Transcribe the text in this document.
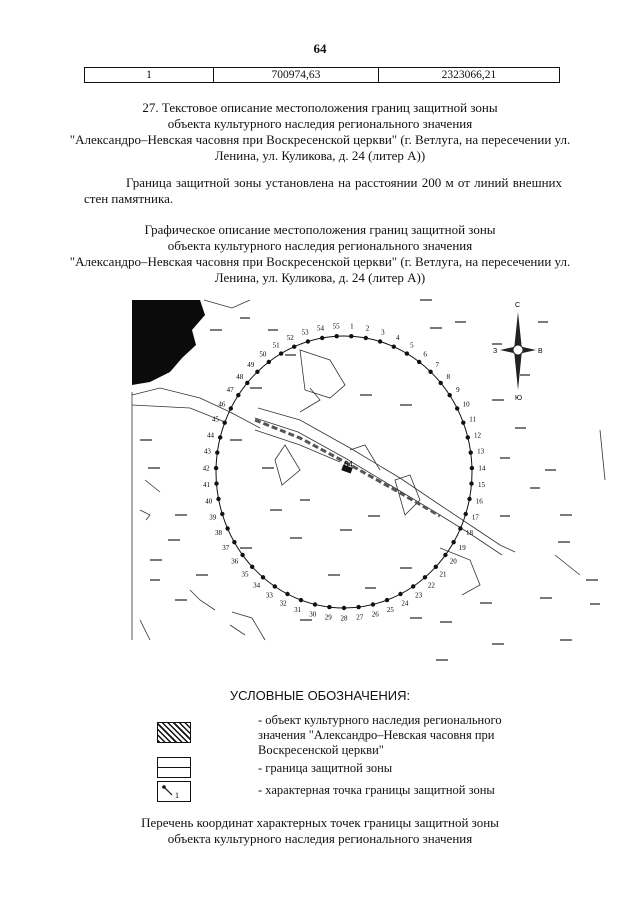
64
1	700974,63	2323066,21
27. Текстовое описание местоположения границ защитной зоны
объекта культурного наследия регионального значения
"Александро–Невская часовня при Воскресенской церкви" (г. Ветлуга, на пересечении ул.
Ленина, ул. Куликова, д. 24 (литер А))
Граница защитной зоны установлена на расстоянии 200 м от линий внешних стен памятника.
Графическое описание местоположения границ защитной зоны
объекта культурного наследия регионального значения
"Александро–Невская часовня при Воскресенской церкви" (г. Ветлуга, на пересечении ул.
Ленина, ул. Куликова, д. 24 (литер А))
64
1 2 3
4
5
6
7
8
9
10
11
12
13
14
15
16
17
18
19
20
21
22
23
24
25
26
27
28
29
30
31
32
33
34
35
36
37
38
39
40
41
42
43
44
45
46
47
48
49
50
51
52
53 54 55
С
Ю
З	В
УСЛОВНЫЕ ОБОЗНАЧЕНИЯ:
- объект культурного наследия регионального
значения "Александро–Невская часовня при
Воскресенской церкви"
- граница защитной зоны
1	- характерная точка границы защитной зоны
Перечень координат характерных точек границы защитной зоны
объекта культурного наследия регионального значения
